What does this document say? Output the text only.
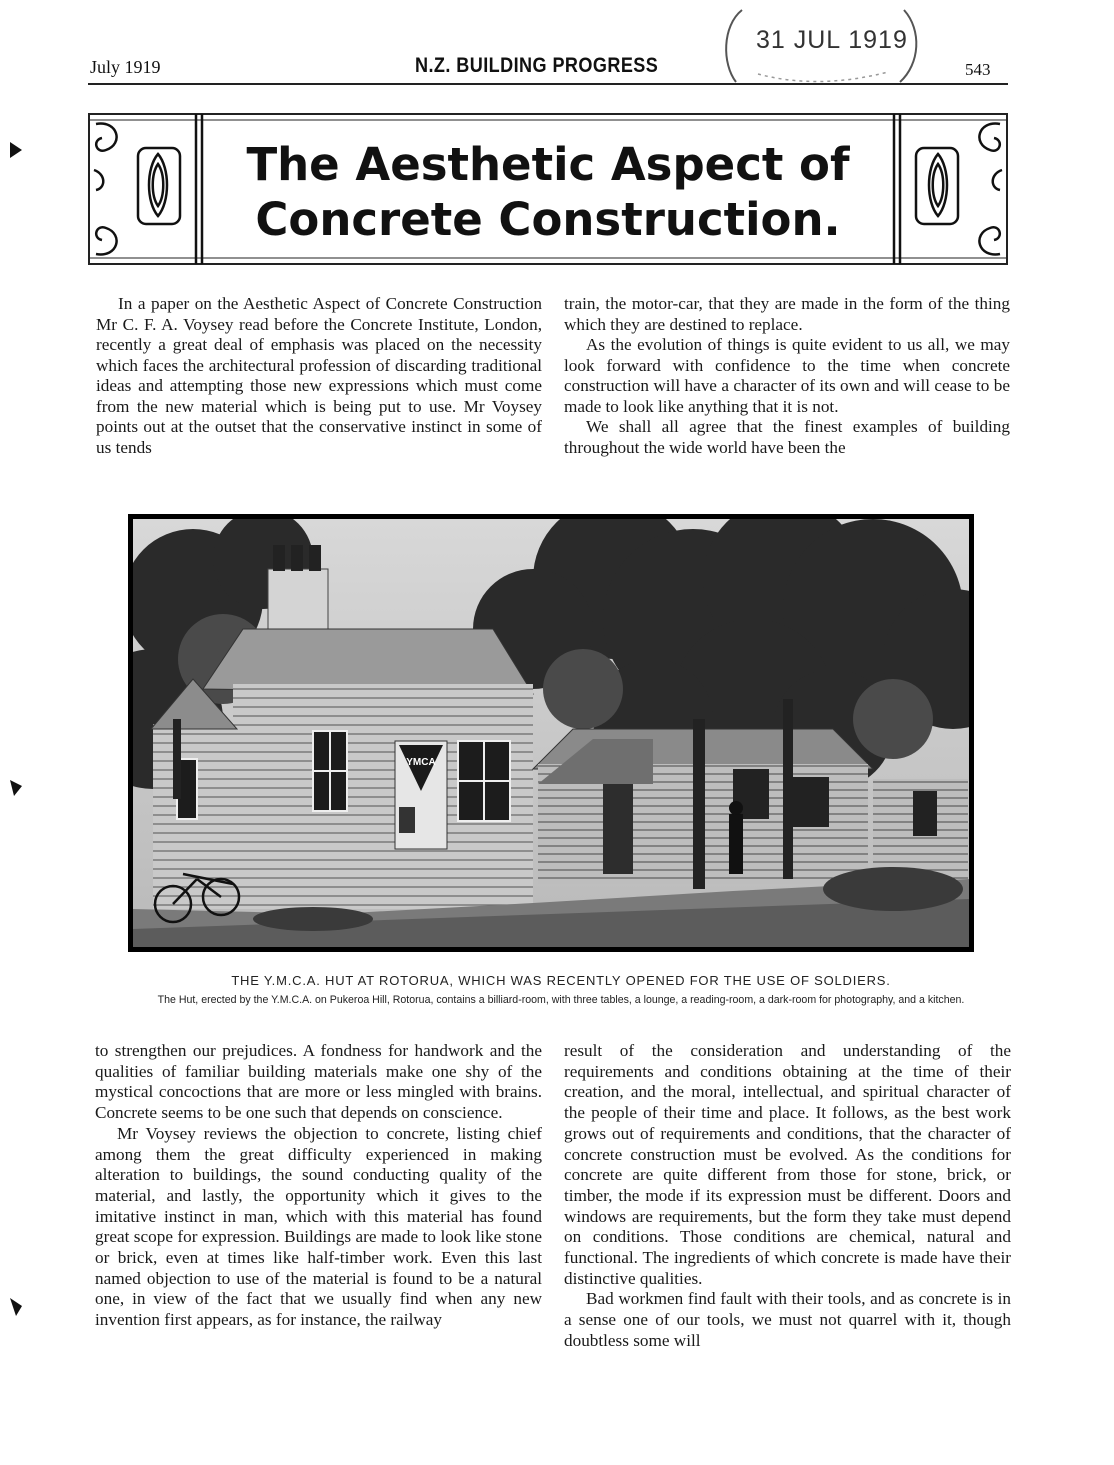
July 1919	N.Z. BUILDING PROGRESS	543
31 JUL 1919
The Aesthetic Aspect of
Concrete Construction.

In a paper on the Aesthetic Aspect of Concrete Construction Mr C. F. A. Voysey read before the Concrete Institute, London, recently a great deal of emphasis was placed on the necessity which faces the architectural profession of discarding traditional ideas and attempting those new expressions which must come from the new material which is being put to use. Mr Voysey points out at the outset that the conservative instinct in some of us tends

train, the motor-car, that they are made in the form of the thing which they are destined to replace.

As the evolution of things is quite evident to us all, we may look forward with confidence to the time when concrete construction will have a character of its own and will cease to be made to look like anything that it is not.

We shall all agree that the finest examples of building throughout the wide world have been the

YMCA
THE Y.M.C.A. HUT AT ROTORUA, WHICH WAS RECENTLY OPENED FOR THE USE OF SOLDIERS.
The Hut, erected by the Y.M.C.A. on Pukeroa Hill, Rotorua, contains a billiard-room, with three tables, a lounge, a reading-room, a dark-room for photography, and a kitchen.

to strengthen our prejudices. A fondness for handwork and the qualities of familiar building materials make one shy of the mystical concoctions that are more or less mingled with brains. Concrete seems to be one such that depends on conscience.

Mr Voysey reviews the objection to concrete, listing chief among them the great difficulty experienced in making alteration to buildings, the sound conducting quality of the material, and lastly, the opportunity which it gives to the imitative instinct in man, which with this material has found great scope for expression. Buildings are made to look like stone or brick, even at times like half-timber work. Even this last named objection to use of the material is found to be a natural one, in view of the fact that we usually find when any new invention first appears, as for instance, the railway

result of the consideration and understanding of the requirements and conditions obtaining at the time of their creation, and the moral, intellectual, and spiritual character of the people of their time and place. It follows, as the best work grows out of requirements and conditions, that the character of concrete construction must be evolved. As the conditions for concrete are quite different from those for stone, brick, or timber, the mode if its expression must be different. Doors and windows are requirements, but the form they take must depend on conditions. Those conditions are chemical, natural and functional. The ingredients of which concrete is made have their distinctive qualities.

Bad workmen find fault with their tools, and as concrete is in a sense one of our tools, we must not quarrel with it, though doubtless some will
